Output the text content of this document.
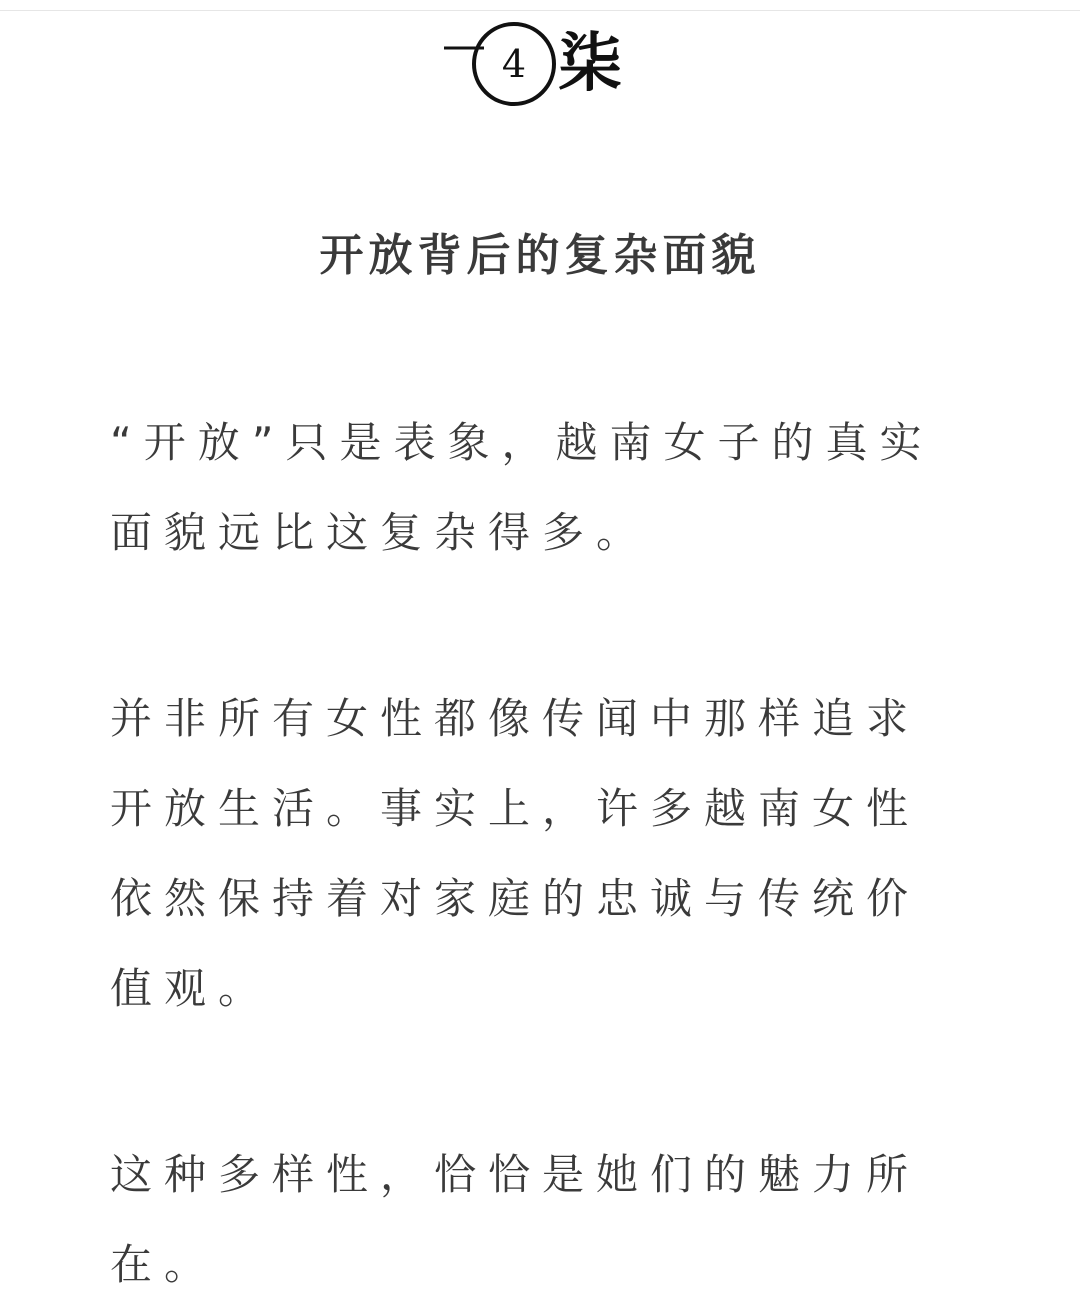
4 柒
开放背后的复杂面貌

“开放”只是表象，越南女子的真实面貌远比这复杂得多。

并非所有女性都像传闻中那样追求开放生活。事实上，许多越南女性依然保持着对家庭的忠诚与传统价值观。

这种多样性，恰恰是她们的魅力所在。
